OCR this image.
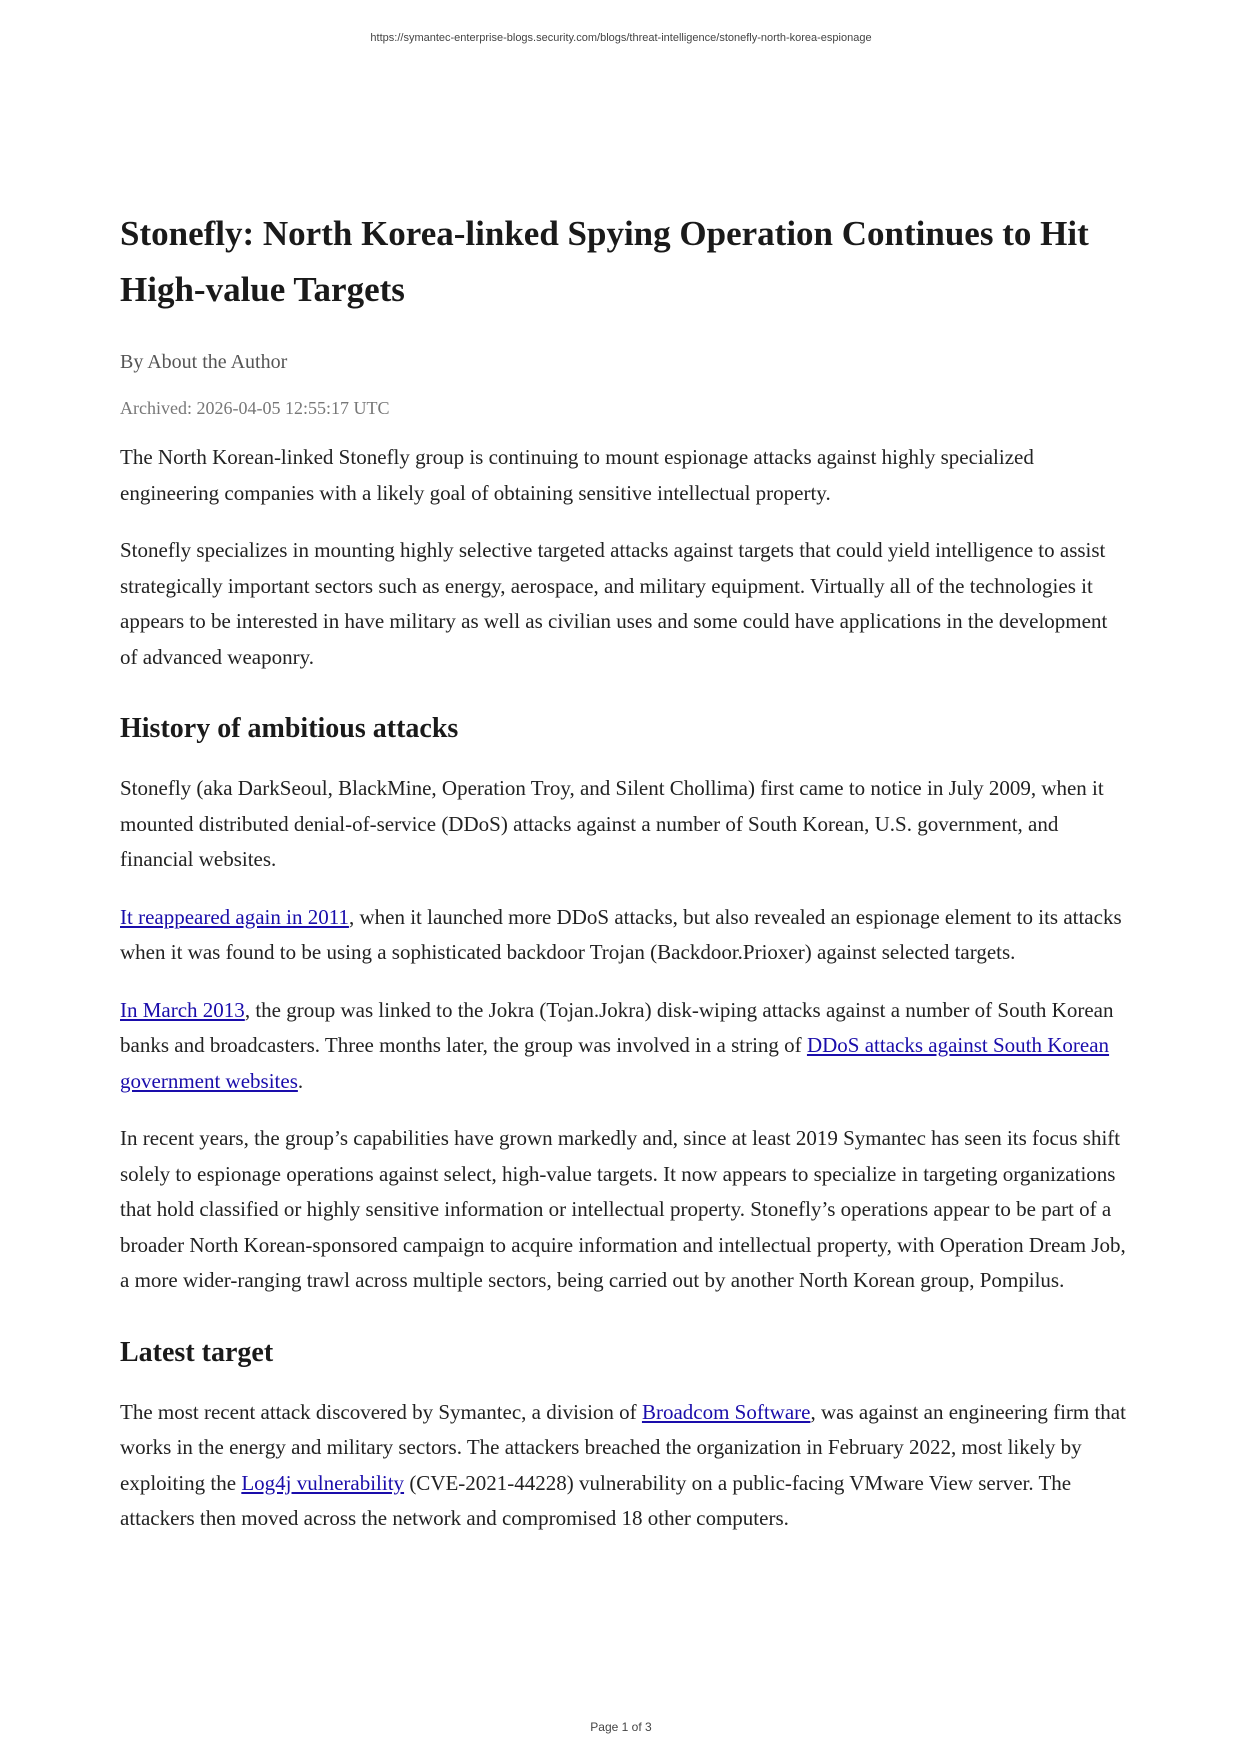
https://symantec-enterprise-blogs.security.com/blogs/threat-intelligence/stonefly-north-korea-espionage
Stonefly: North Korea-linked Spying Operation Continues to Hit High-value Targets
By About the Author
Archived: 2026-04-05 12:55:17 UTC

The North Korean-linked Stonefly group is continuing to mount espionage attacks against highly specialized engineering companies with a likely goal of obtaining sensitive intellectual property.

Stonefly specializes in mounting highly selective targeted attacks against targets that could yield intelligence to assist strategically important sectors such as energy, aerospace, and military equipment. Virtually all of the technologies it appears to be interested in have military as well as civilian uses and some could have applications in the development of advanced weaponry.

History of ambitious attacks

Stonefly (aka DarkSeoul, BlackMine, Operation Troy, and Silent Chollima) first came to notice in July 2009, when it mounted distributed denial-of-service (DDoS) attacks against a number of South Korean, U.S. government, and financial websites.

It reappeared again in 2011, when it launched more DDoS attacks, but also revealed an espionage element to its attacks when it was found to be using a sophisticated backdoor Trojan (Backdoor.Prioxer) against selected targets.

In March 2013, the group was linked to the Jokra (Tojan.Jokra) disk-wiping attacks against a number of South Korean banks and broadcasters. Three months later, the group was involved in a string of DDoS attacks against South Korean government websites.

In recent years, the group’s capabilities have grown markedly and, since at least 2019 Symantec has seen its focus shift solely to espionage operations against select, high-value targets. It now appears to specialize in targeting organizations that hold classified or highly sensitive information or intellectual property. Stonefly’s operations appear to be part of a broader North Korean-sponsored campaign to acquire information and intellectual property, with Operation Dream Job, a more wider-ranging trawl across multiple sectors, being carried out by another North Korean group, Pompilus.

Latest target

The most recent attack discovered by Symantec, a division of Broadcom Software, was against an engineering firm that works in the energy and military sectors. The attackers breached the organization in February 2022, most likely by exploiting the Log4j vulnerability (CVE-2021-44228) vulnerability on a public-facing VMware View server. The attackers then moved across the network and compromised 18 other computers.

Page 1 of 3
